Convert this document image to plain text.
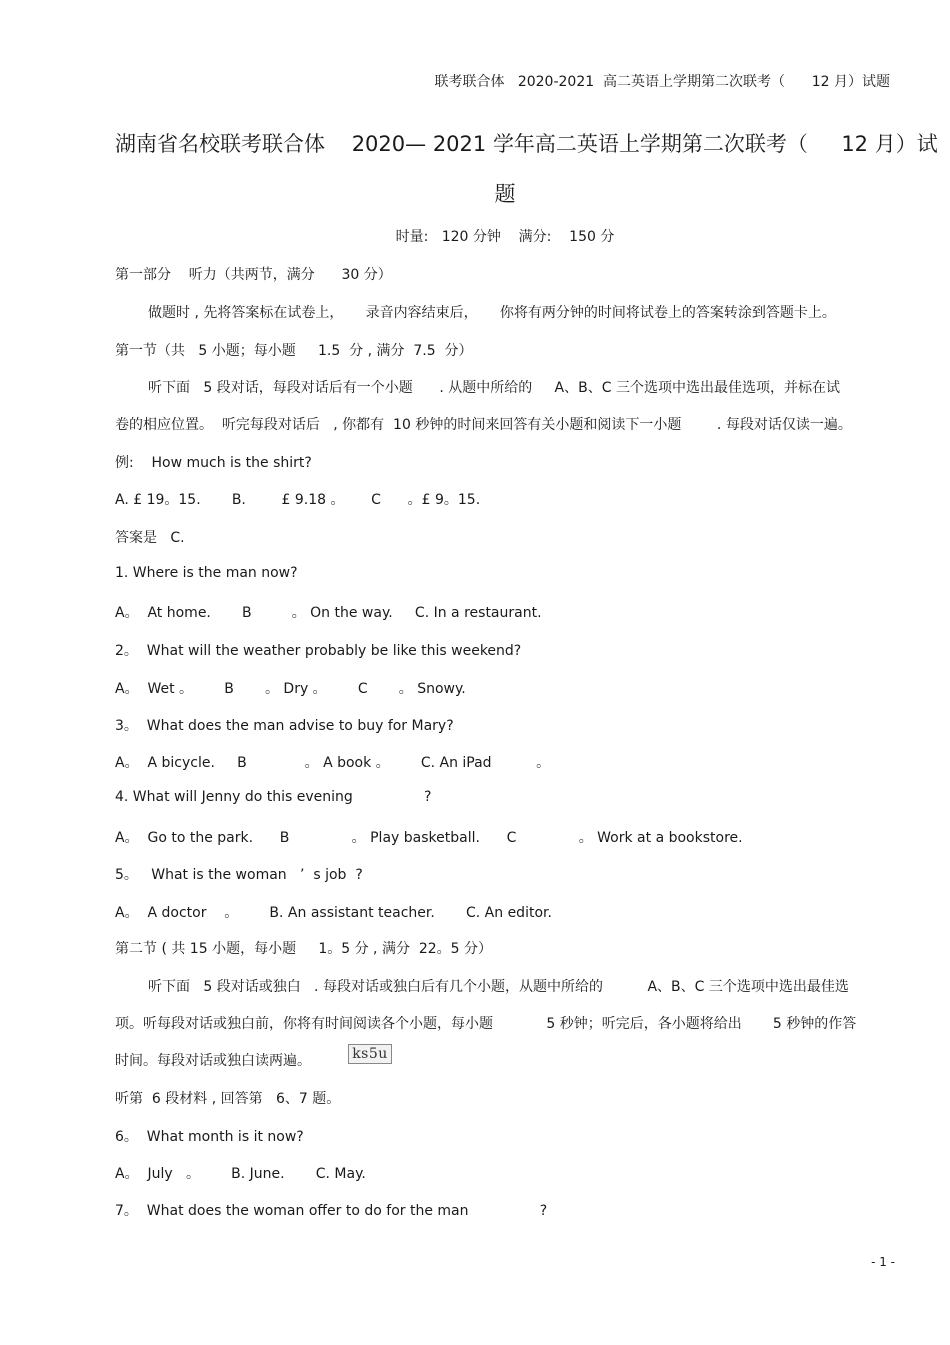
联考联合体   2020-2021  高二英语上学期第二次联考（      12 月）试题
湖南省名校联考联合体    2020— 2021 学年高二英语上学期第二次联考（     12 月）试
题
时量:   120 分钟    满分:    150 分
第一部分    听力（共两节，满分      30 分）
做题时 , 先将答案标在试卷上，     录音内容结束后，     你将有两分钟的时间将试卷上的答案转涂到答题卡上。
第一节（共   5 小题；每小题     1.5  分 , 满分  7.5  分）
听下面   5 段对话，每段对话后有一个小题      . 从题中所给的     A、B、C 三个选项中选出最佳选项，并标在试
卷的相应位置。  听完每段对话后   , 你都有  10 秒钟的时间来回答有关小题和阅读下一小题        . 每段对话仅读一遍。
例:    How much is the shirt?
A. £ 19。15.       B.        £ 9.18 。      C      。£ 9。15.
答案是   C.
1. Where is the man now?
A。  At home.       B         。 On the way.     C. In a restaurant.
2。  What will the weather probably be like this weekend?
A。  Wet 。       B       。 Dry 。       C       。 Snowy.
3。  What does the man advise to buy for Mary?
A。  A bicycle.     B             。 A book 。       C. An iPad          。
4. What will Jenny do this evening                ?
A。  Go to the park.      B              。 Play basketball.      C              。 Work at a bookstore.
5。   What is the woman   ’  s job  ?
A。  A doctor    。       B. An assistant teacher.       C. An editor.
第二节 ( 共 15 小题，每小题     1。5 分 , 满分  22。5 分）
听下面   5 段对话或独白   . 每段对话或独白后有几个小题，从题中所给的          A、B、C 三个选项中选出最佳选
项。听每段对话或独白前，你将有时间阅读各个小题，每小题            5 秒钟；听完后，各小题将给出       5 秒钟的作答
时间。每段对话或独白读两遍。	ks5u
听第  6 段材料 , 回答第   6、7 题。
6。  What month is it now?
A。  July   。       B. June.       C. May.
7。  What does the woman offer to do for the man                ?
- 1 -
